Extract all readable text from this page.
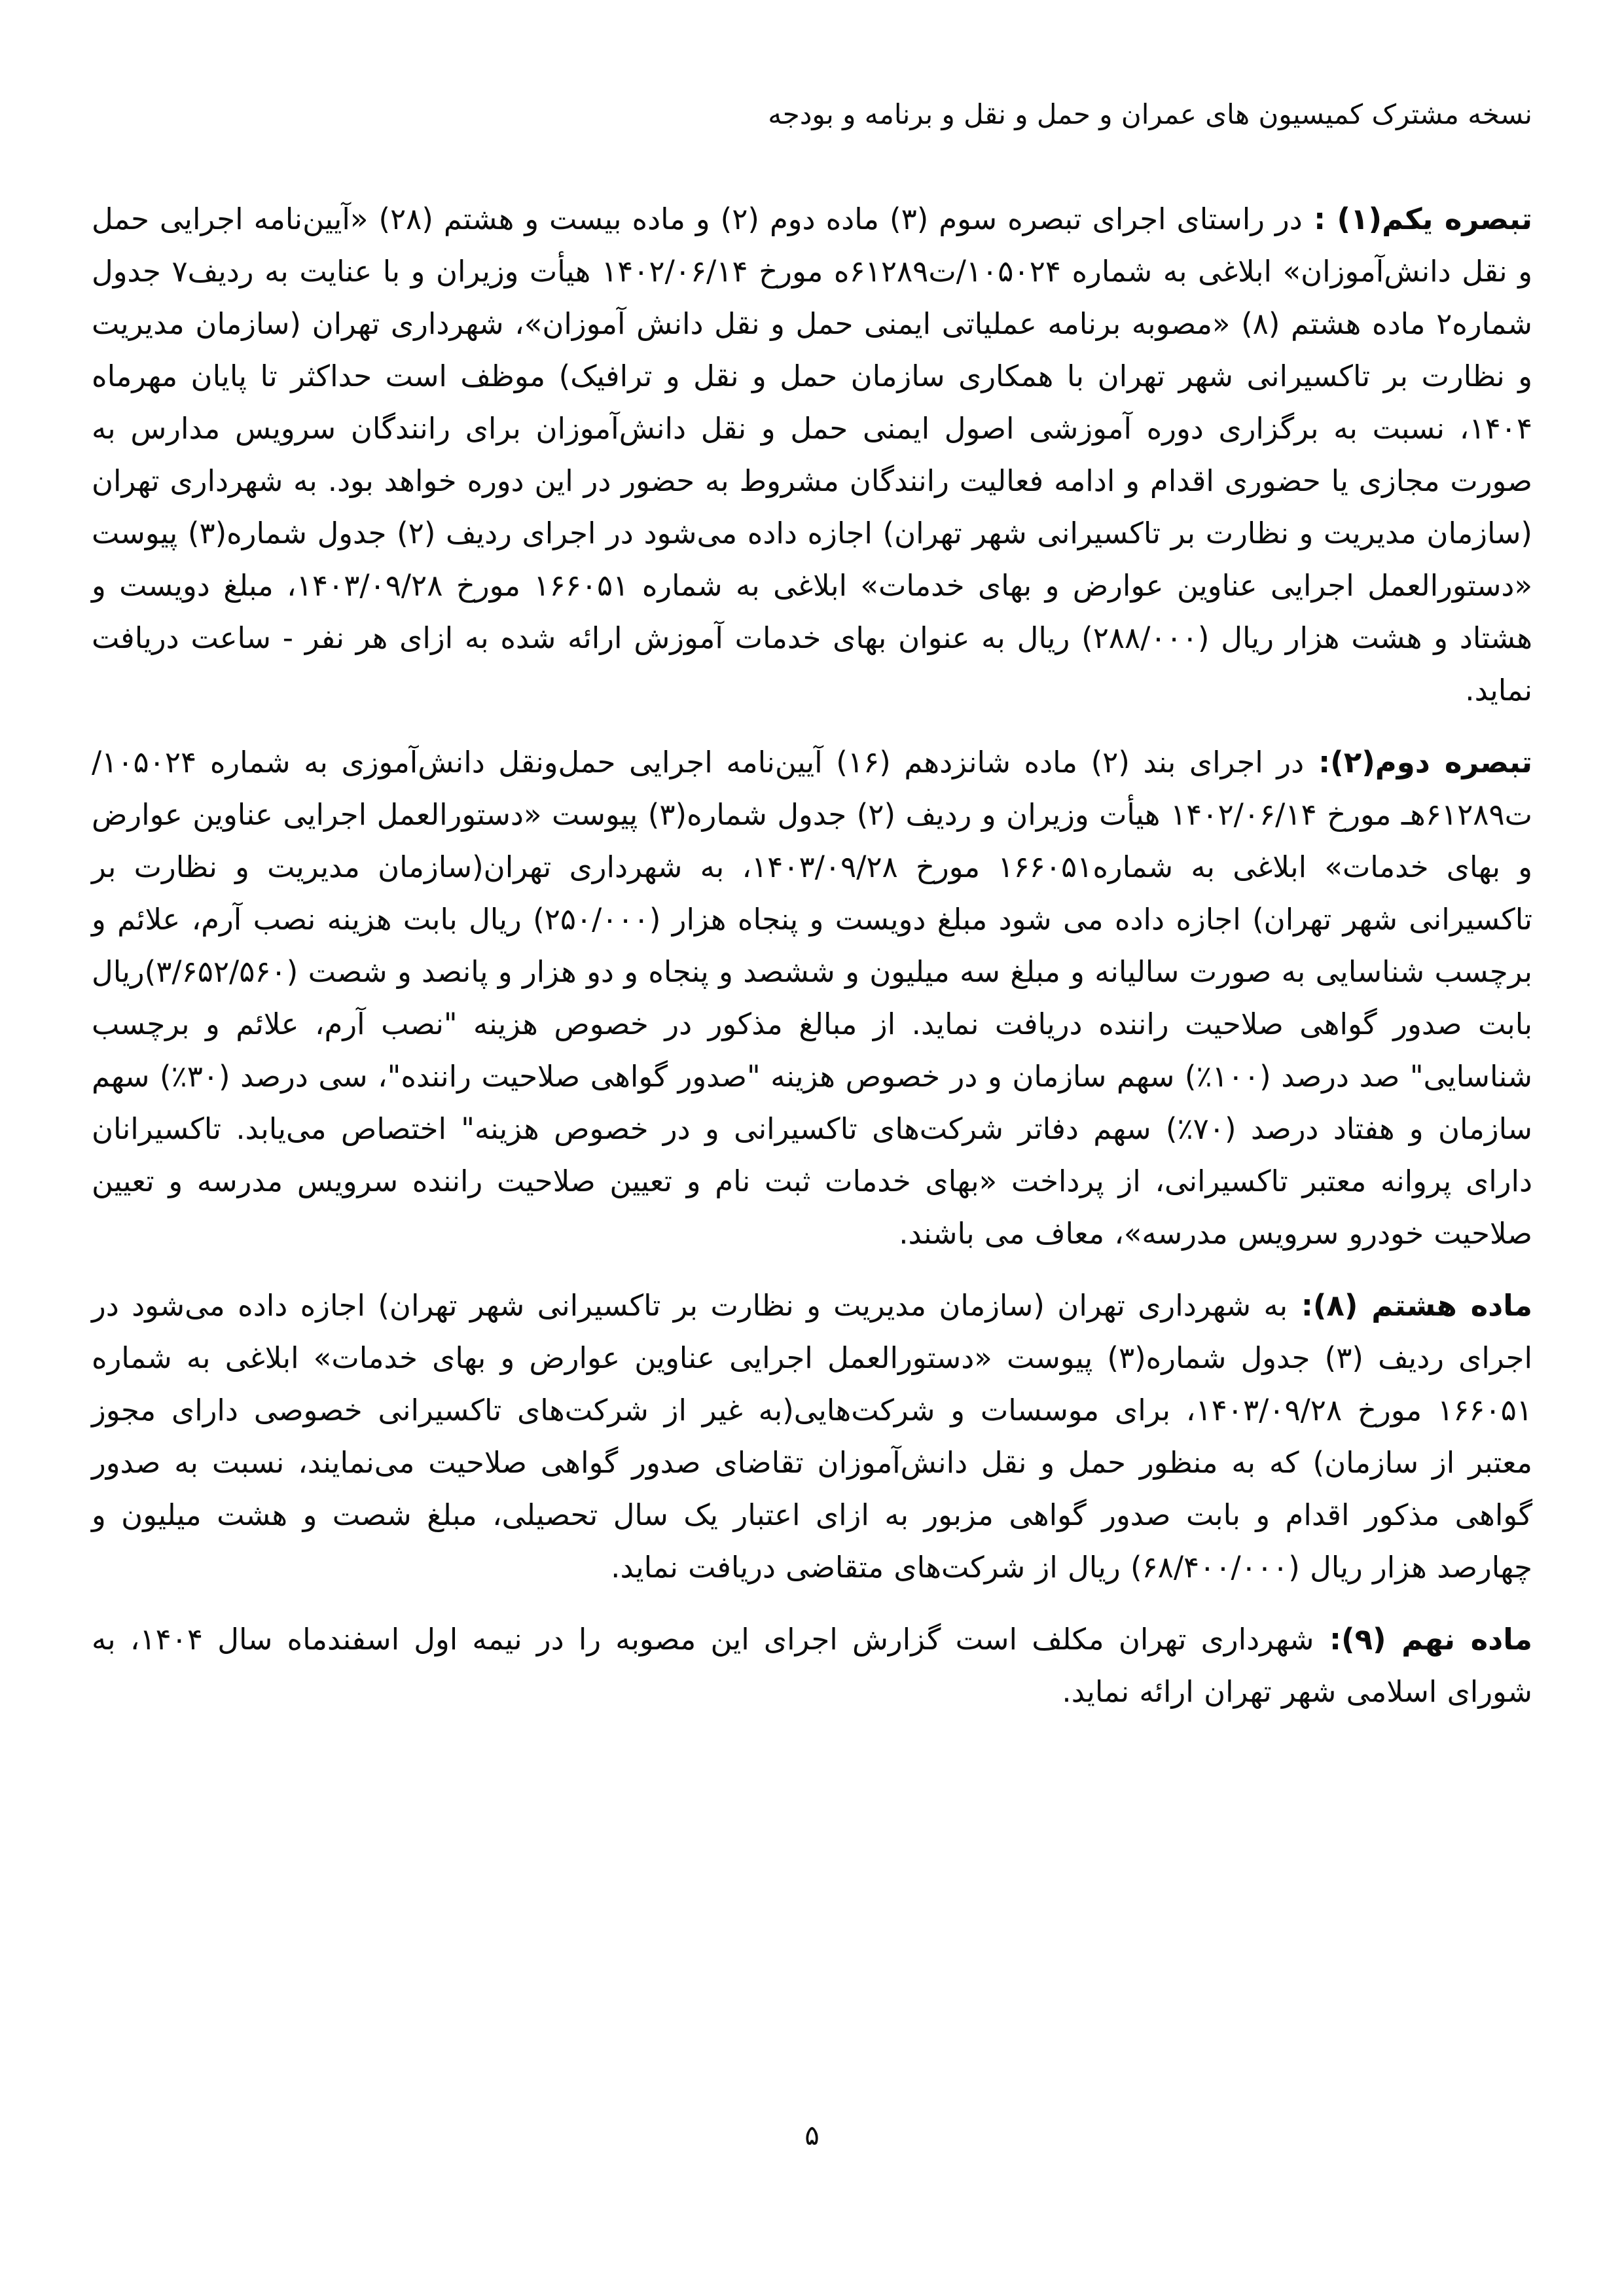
نسخه مشترک کمیسیون های عمران و حمل و نقل و برنامه و بودجه

تبصره یکم(۱) : در راستای اجرای تبصره سوم (۳) ماده دوم (۲) و ماده بیست و هشتم (۲۸) «آیین‌نامه اجرایی حمل و نقل دانش‌آموزان» ابلاغی به شماره ۱۰۵۰۲۴/ت۶۱۲۸۹ه مورخ ۱۴۰۲/۰۶/۱۴ هیأت وزیران و با عنایت به ردیف۷ جدول شماره۲ ماده هشتم (۸) «مصوبه برنامه عملیاتی ایمنی حمل و نقل دانش آموزان»، شهرداری تهران (سازمان مدیریت و نظارت بر تاکسیرانی شهر تهران با همکاری سازمان حمل و نقل و ترافیک) موظف است حداکثر تا پایان مهرماه ۱۴۰۴، نسبت به برگزاری دوره آموزشی اصول ایمنی حمل و نقل دانش‌آموزان برای رانندگان سرویس مدارس به صورت مجازی یا حضوری اقدام و ادامه فعالیت رانندگان مشروط به حضور در این دوره خواهد بود. به شهرداری تهران (سازمان مدیریت و نظارت بر تاکسیرانی شهر تهران) اجازه داده می‌شود در اجرای ردیف (۲) جدول شماره(۳) پیوست «دستورالعمل اجرایی عناوین عوارض و بهای خدمات» ابلاغی به شماره ۱۶۶۰۵۱ مورخ ۱۴۰۳/۰۹/۲۸، مبلغ دویست و هشتاد و هشت هزار ریال (۲۸۸/۰۰۰) ریال به عنوان بهای خدمات آموزش ارائه شده به ازای هر نفر - ساعت دریافت نماید.

تبصره دوم(۲): در اجرای بند (۲) ماده شانزدهم (۱۶) آیین‌نامه اجرایی حمل‌ونقل دانش‌آموزی به شماره ۱۰۵۰۲۴/ت۶۱۲۸۹هـ مورخ ۱۴۰۲/۰۶/۱۴ هیأت وزیران و ردیف (۲) جدول شماره(۳) پیوست «دستورالعمل اجرایی عناوین عوارض و بهای خدمات» ابلاغی به شماره۱۶۶۰۵۱ مورخ ۱۴۰۳/۰۹/۲۸، به شهرداری تهران(سازمان مدیریت و نظارت بر تاکسیرانی شهر تهران) اجازه داده می شود مبلغ دویست و پنجاه هزار (۲۵۰/۰۰۰) ریال بابت هزینه نصب آرم، علائم و برچسب شناسایی به صورت سالیانه و مبلغ سه میلیون و ششصد و پنجاه و دو هزار و پانصد و شصت (۳/۶۵۲/۵۶۰)ریال بابت صدور گواهی صلاحیت راننده دریافت نماید. از مبالغ مذکور در خصوص هزینه "نصب آرم، علائم و برچسب شناسایی" صد درصد (۱۰۰٪) سهم سازمان و در خصوص هزینه "صدور گواهی صلاحیت راننده"، سی درصد (۳۰٪) سهم سازمان و هفتاد درصد (۷۰٪) سهم دفاتر شرکت‌های تاکسیرانی و در خصوص هزینه" اختصاص می‌یابد. تاکسیرانان دارای پروانه معتبر تاکسیرانی، از پرداخت «بهای خدمات ثبت نام و تعیین صلاحیت راننده سرویس مدرسه و تعیین صلاحیت خودرو سرویس مدرسه»، معاف می باشند.

ماده هشتم (۸): به شهرداری تهران (سازمان مدیریت و نظارت بر تاکسیرانی شهر تهران) اجازه داده می‌شود در اجرای ردیف (۳) جدول شماره(۳) پیوست «دستورالعمل اجرایی عناوین عوارض و بهای خدمات» ابلاغی به شماره ۱۶۶۰۵۱ مورخ ۱۴۰۳/۰۹/۲۸، برای موسسات و شرکت‌هایی(به غیر از شرکت‌های تاکسیرانی خصوصی دارای مجوز معتبر از سازمان) که به منظور حمل و نقل دانش‌آموزان تقاضای صدور گواهی صلاحیت می‌نمایند، نسبت به صدور گواهی مذکور اقدام و بابت صدور گواهی مزبور به ازای اعتبار یک سال تحصیلی، مبلغ شصت و هشت میلیون و چهارصد هزار ریال (۶۸/۴۰۰/۰۰۰) ریال از شرکت‌های متقاضی دریافت نماید.

ماده نهم (۹): شهرداری تهران مکلف است گزارش اجرای این مصوبه را در نیمه اول اسفندماه سال ۱۴۰۴، به شورای اسلامی شهر تهران ارائه نماید.

۵
